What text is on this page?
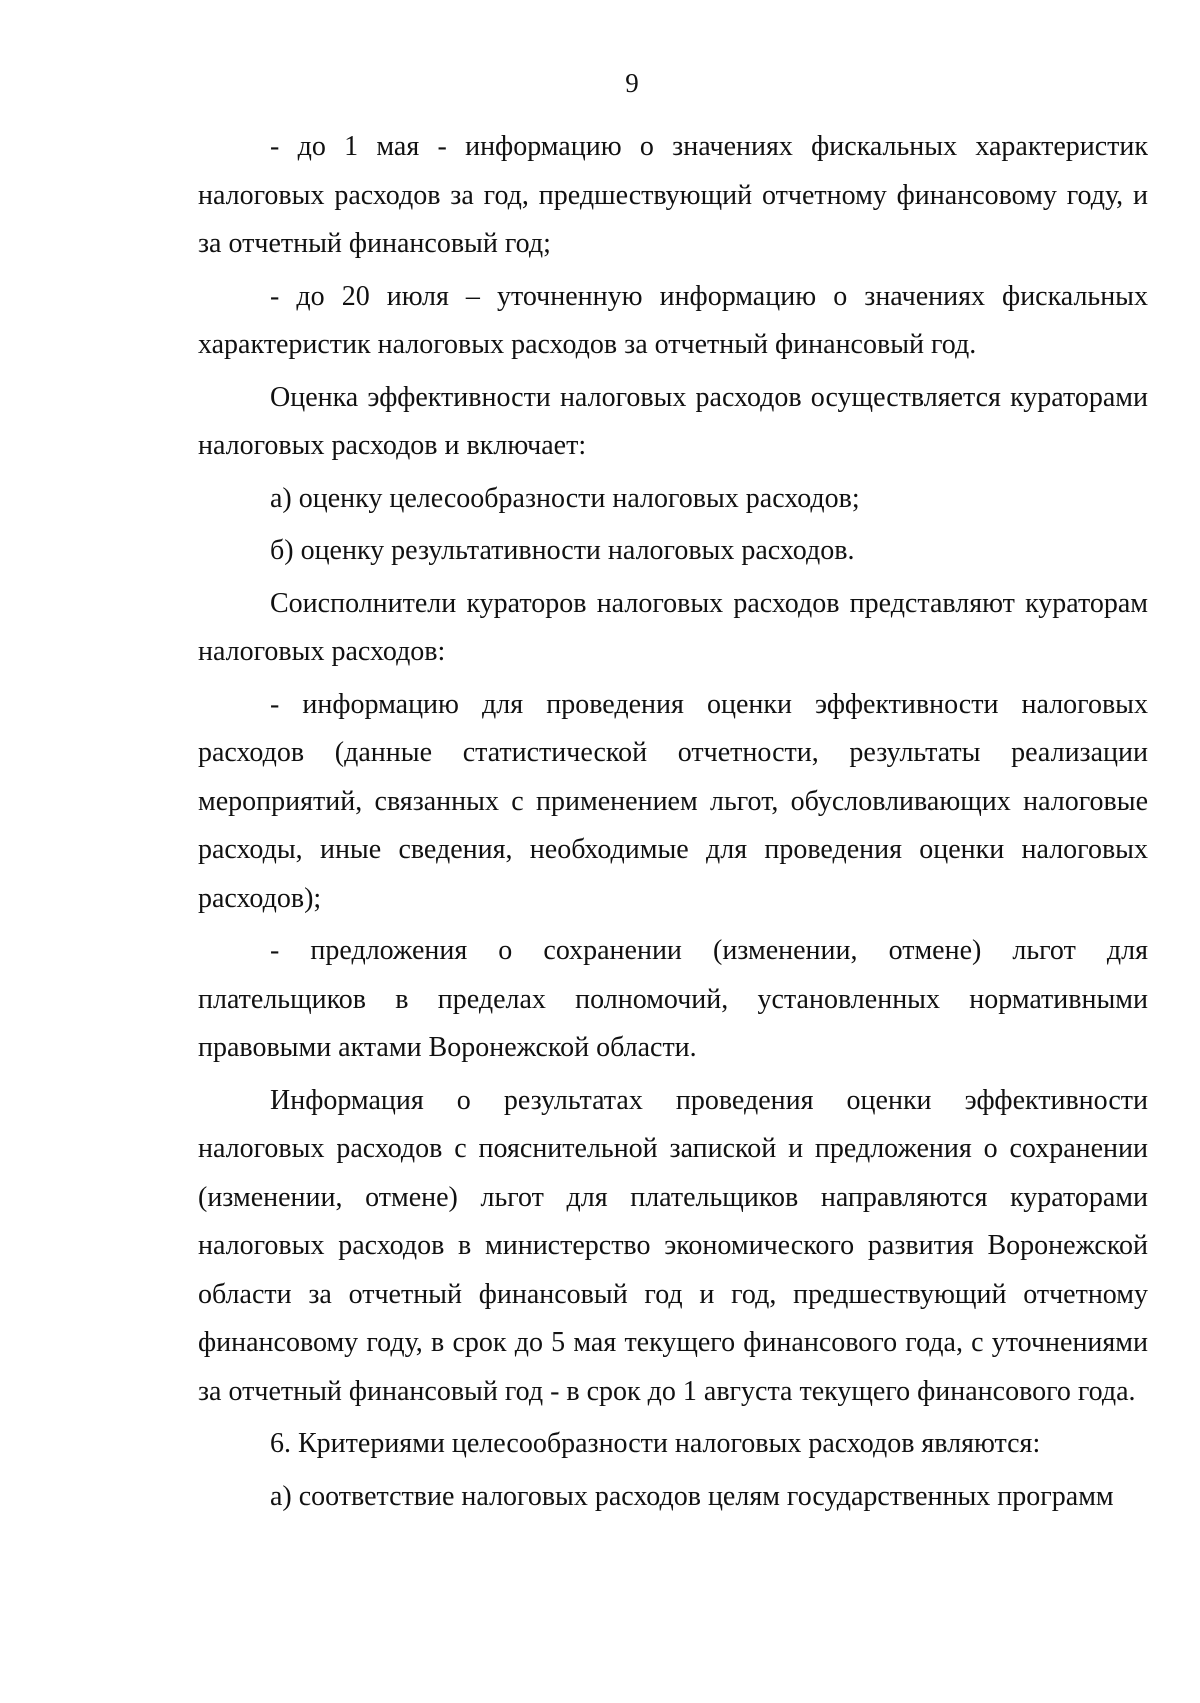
9

- до 1 мая - информацию о значениях фискальных характеристик налоговых расходов за год, предшествующий отчетному финансовому году, и за отчетный финансовый год;

- до 20 июля – уточненную информацию о значениях фискальных характеристик налоговых расходов за отчетный финансовый год.

Оценка эффективности налоговых расходов осуществляется кураторами налоговых расходов и включает:

а) оценку целесообразности налоговых расходов;

б) оценку результативности налоговых расходов.

Соисполнители кураторов налоговых расходов представляют кураторам налоговых расходов:

- информацию для проведения оценки эффективности налоговых расходов (данные статистической отчетности, результаты реализации мероприятий, связанных с применением льгот, обусловливающих налоговые расходы, иные сведения, необходимые для проведения оценки налоговых расходов);

- предложения о сохранении (изменении, отмене) льгот для плательщиков в пределах полномочий, установленных нормативными правовыми актами Воронежской области.

Информация о результатах проведения оценки эффективности налоговых расходов с пояснительной запиской и предложения о сохранении (изменении, отмене) льгот для плательщиков направляются кураторами налоговых расходов в министерство экономического развития Воронежской области за отчетный финансовый год и год, предшествующий отчетному финансовому году, в срок до 5 мая текущего финансового года, с уточнениями за отчетный финансовый год - в срок до 1 августа текущего финансового года.

6. Критериями целесообразности налоговых расходов являются:

а) соответствие налоговых расходов целям государственных программ
